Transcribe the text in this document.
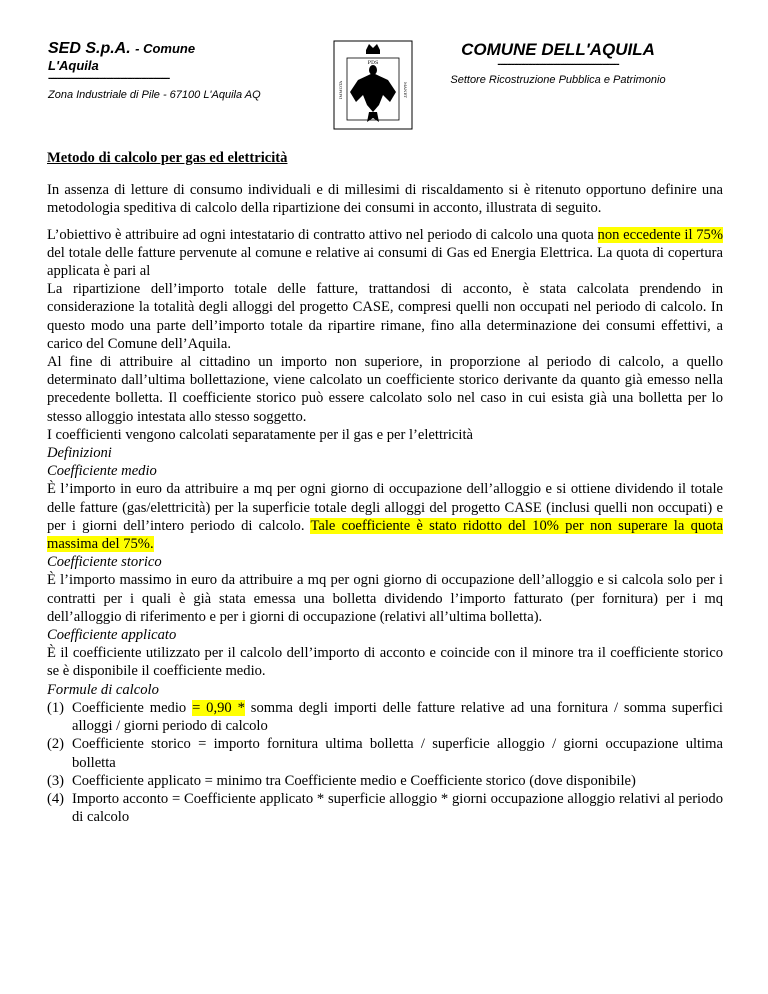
SED S.p.A. - Comune
L'Aquila
----------------------------------------------------
Zona Industriale di Pile - 67100 L'Aquila AQ
PDS
IMMOTA	MANET
COMUNE DELL'AQUILA
----------------------------------------------------
Settore Ricostruzione Pubblica e Patrimonio

Metodo di calcolo per gas ed elettricità

In assenza di letture di consumo individuali e di millesimi di riscaldamento si è ritenuto opportuno definire una metodologia speditiva di calcolo della ripartizione dei consumi in acconto, illustrata di seguito.

L’obiettivo è attribuire ad ogni intestatario di contratto attivo nel periodo di calcolo una quota non eccedente il 75% del totale delle fatture pervenute al comune e relative ai consumi di Gas ed Energia Elettrica. La quota di copertura applicata è pari al

La ripartizione dell’importo totale delle fatture, trattandosi di acconto, è stata calcolata prendendo in considerazione la totalità degli alloggi del progetto CASE, compresi quelli non occupati nel periodo di calcolo. In questo modo una parte dell’importo totale da ripartire rimane, fino alla determinazione dei consumi effettivi, a carico del Comune dell’Aquila.

Al fine di attribuire al cittadino un importo non superiore, in proporzione al periodo di calcolo, a quello determinato dall’ultima bollettazione, viene calcolato un coefficiente storico derivante da quanto già emesso nella precedente bolletta. Il coefficiente storico può essere calcolato solo nel caso in cui esista già una bolletta per lo stesso alloggio intestata allo stesso soggetto.

I coefficienti vengono calcolati separatamente per il gas e per l’elettricità

Definizioni

Coefficiente medio

È l’importo in euro da attribuire a mq per ogni giorno di occupazione dell’alloggio e si ottiene dividendo il totale delle fatture (gas/elettricità) per la superficie totale degli alloggi del progetto CASE (inclusi quelli non occupati) e per i giorni dell’intero periodo di calcolo. Tale coefficiente è stato ridotto del 10% per non superare la quota massima del 75%.

Coefficiente storico

È l’importo massimo in euro da attribuire a mq per ogni giorno di occupazione dell’alloggio e si calcola solo per i contratti per i quali è già stata emessa una bolletta dividendo l’importo fatturato (per fornitura) per i mq dell’alloggio di riferimento e per i giorni di occupazione (relativi all’ultima bolletta).

Coefficiente applicato

È il coefficiente utilizzato per il calcolo dell’importo di acconto e coincide con il minore tra il coefficiente storico se è disponibile il coefficiente medio.

Formule di calcolo

(1) Coefficiente medio = 0,90 * somma degli importi delle fatture relative ad una fornitura / somma superfici alloggi / giorni periodo di calcolo
(2) Coefficiente storico = importo fornitura ultima bolletta / superficie alloggio / giorni occupazione ultima bolletta
(3) Coefficiente applicato = minimo tra Coefficiente medio e Coefficiente storico (dove disponibile)
(4) Importo acconto = Coefficiente applicato * superficie alloggio * giorni occupazione alloggio relativi al periodo di calcolo
